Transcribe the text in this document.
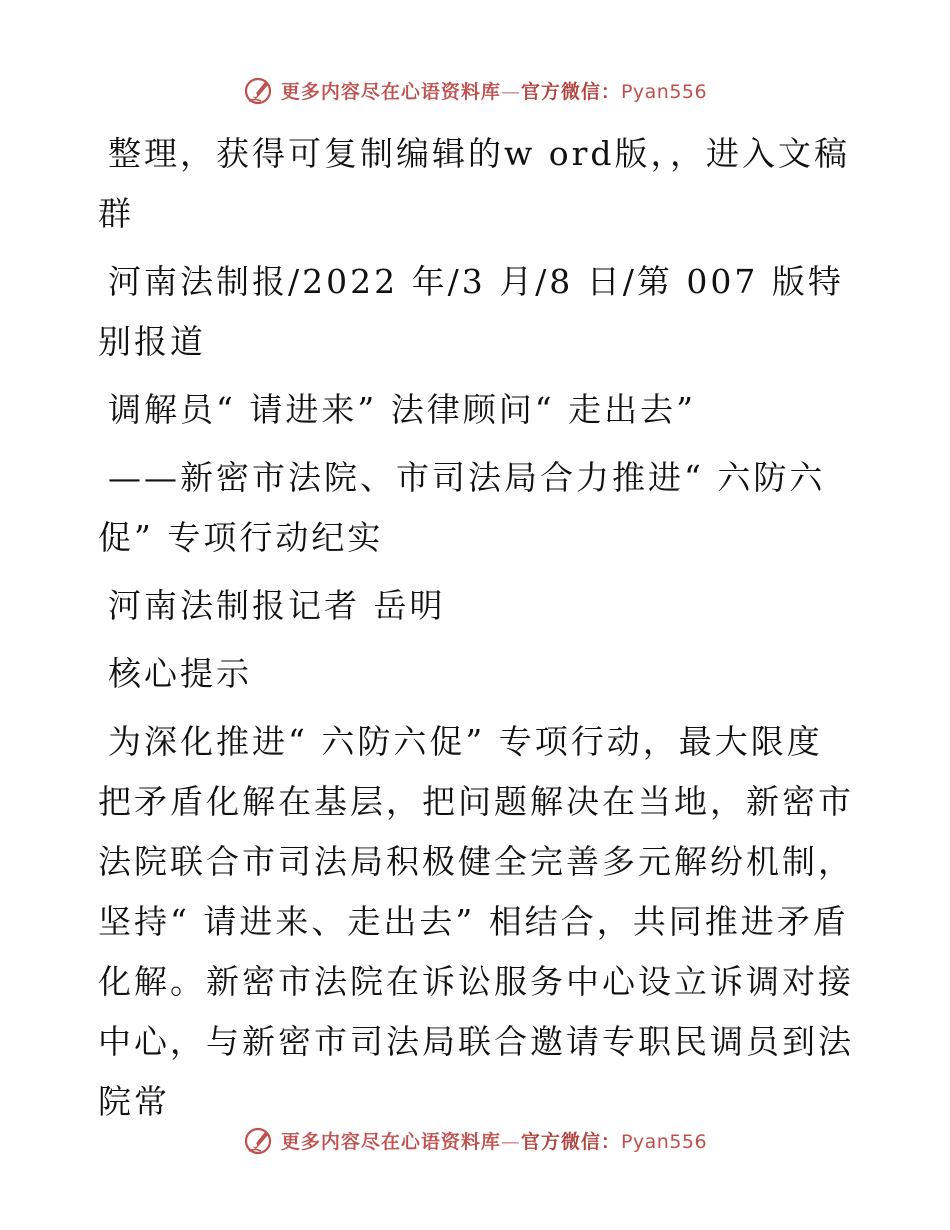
更多内容尽在心语资料库—官方微信：Pyan556

整理，获得可复制编辑的w ord版，，进入文稿群

河南法制报/2022 年/3 月/8 日/第 007 版特别报道

调解员“ 请进来” 法律顾问“ 走出去”

——新密市法院、市司法局合力推进“ 六防六促” 专项行动纪实

河南法制报记者 岳明

核心提示

为深化推进“ 六防六促” 专项行动，最大限度把矛盾化解在基层，把问题解决在当地，新密市法院联合市司法局积极健全完善多元解纷机制，坚持“ 请进来、走出去” 相结合，共同推进矛盾化解。新密市法院在诉讼服务中心设立诉调对接中心，与新密市司法局联合邀请专职民调员到法院常

更多内容尽在心语资料库—官方微信：Pyan556
